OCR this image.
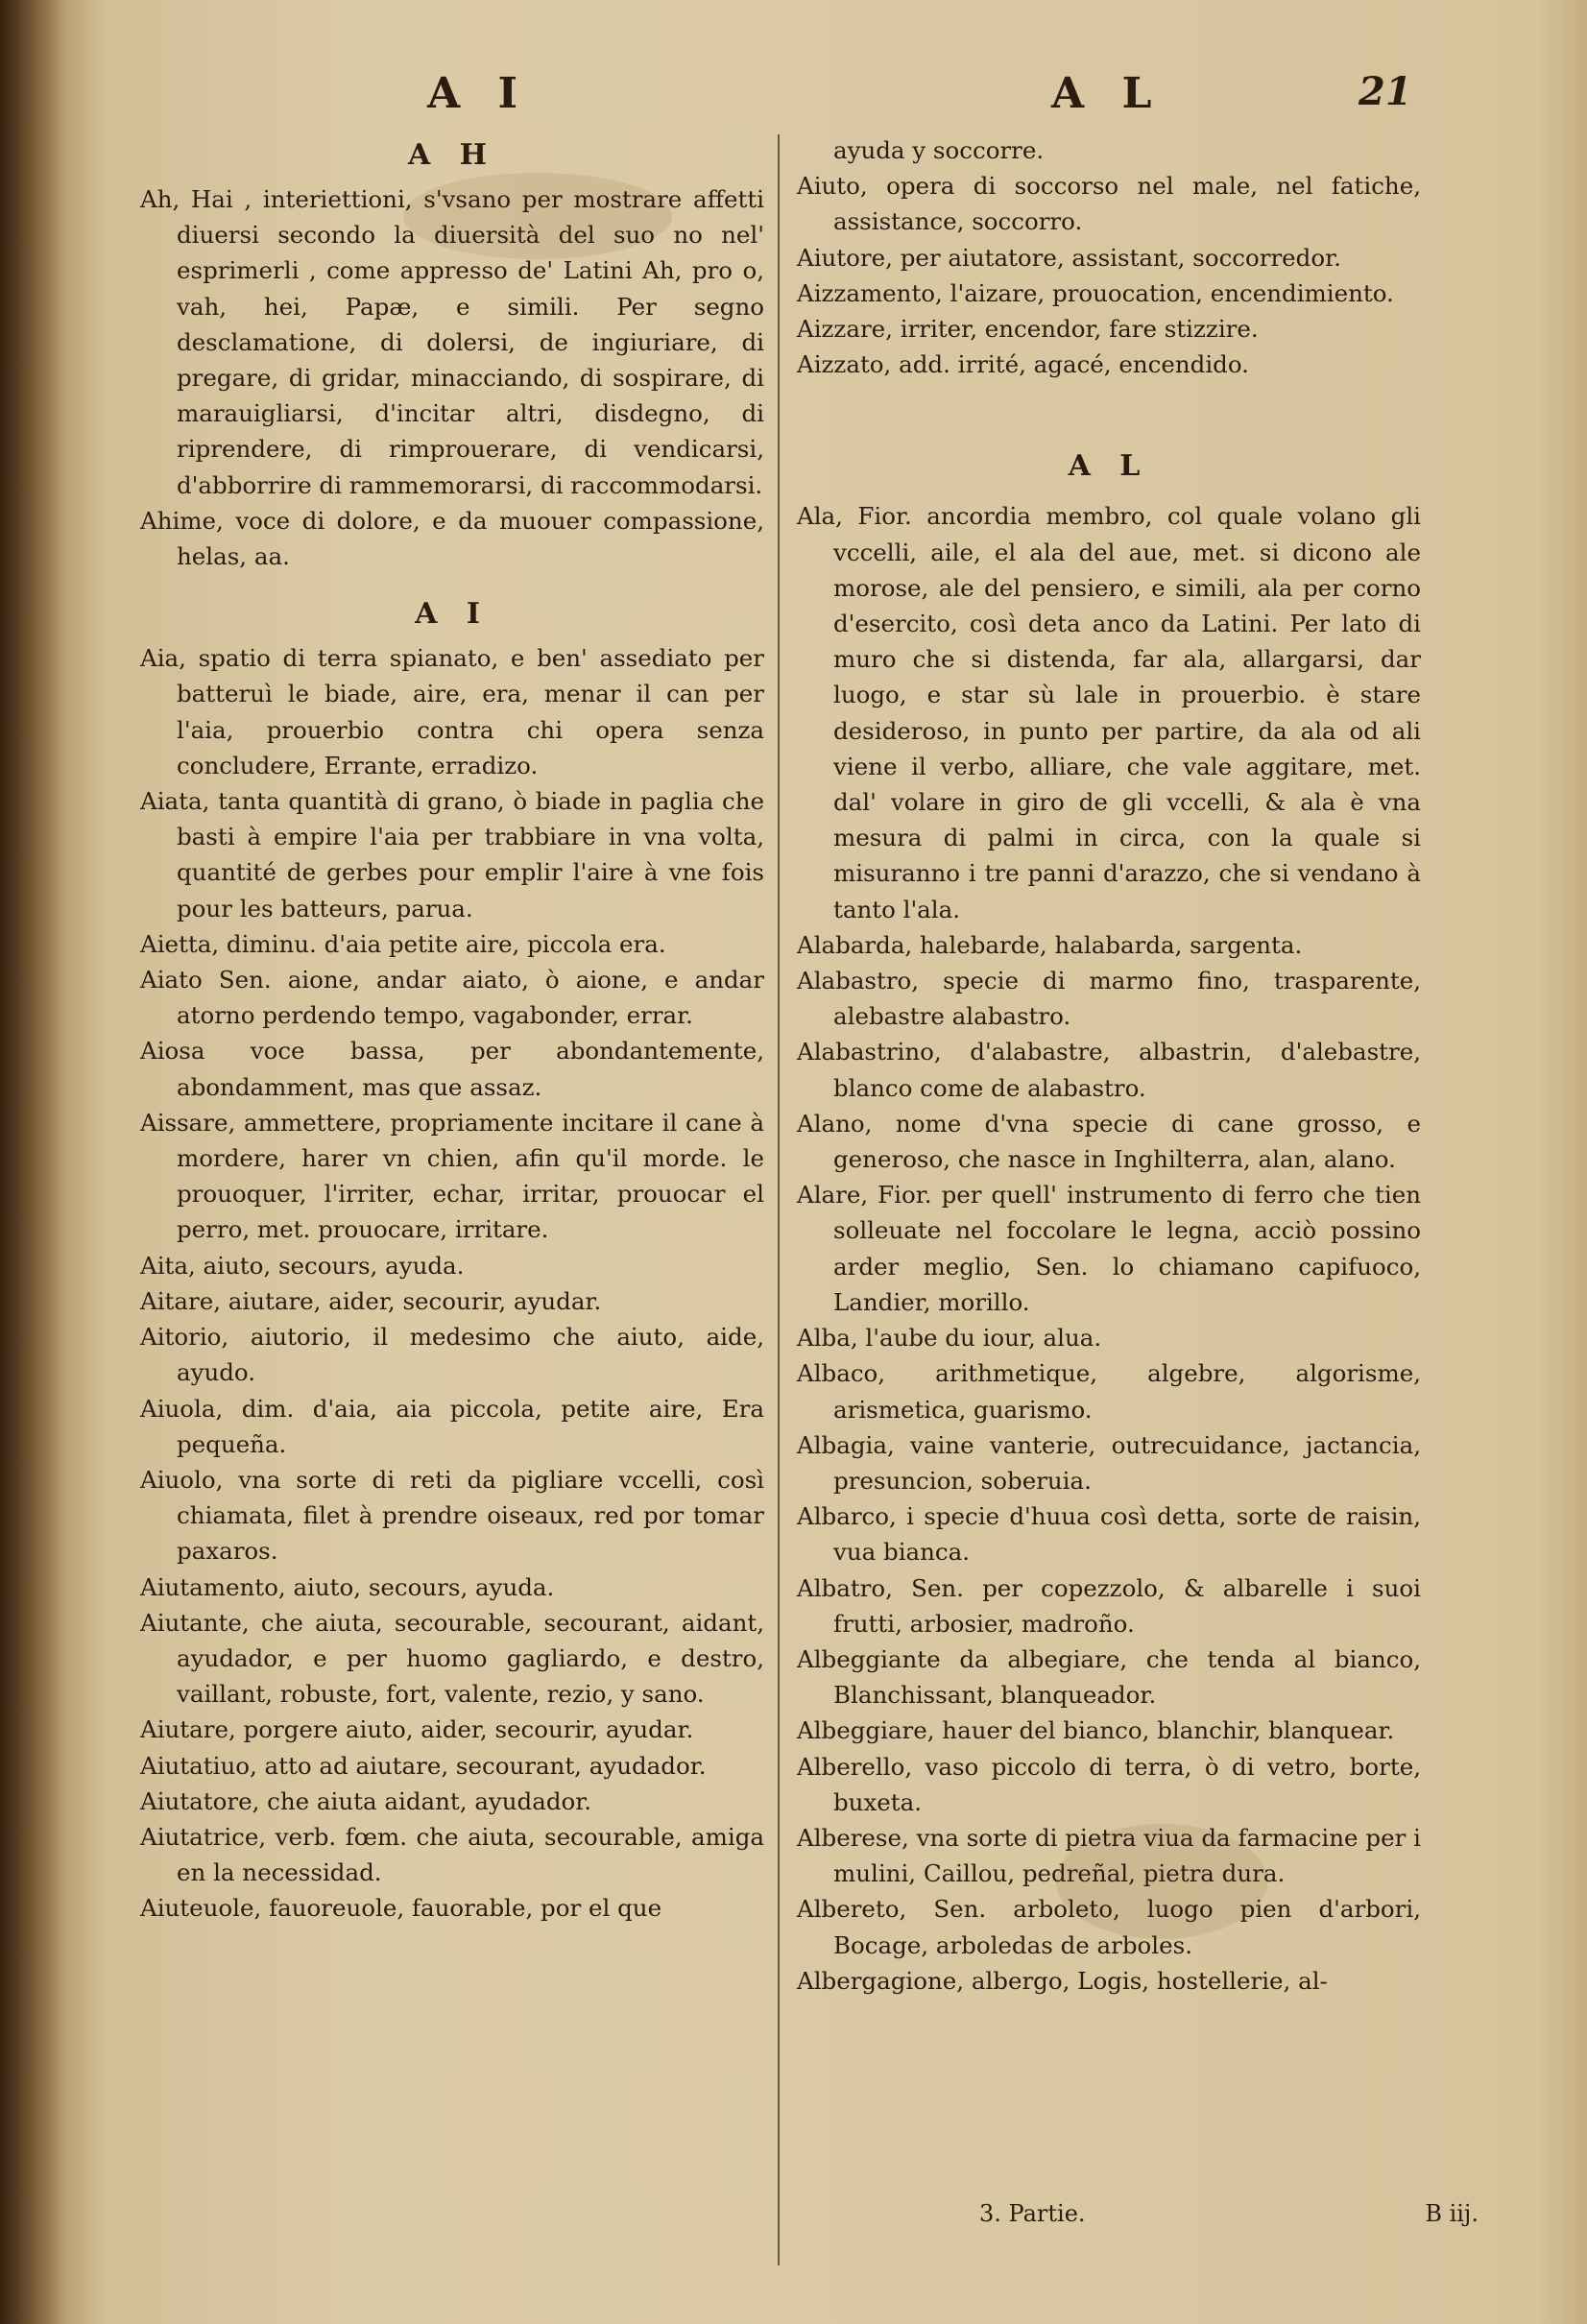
A I	A L	21
A H

Ah, Hai , interiettioni, s'vsano per mostrare affetti diuersi secondo la diuersità del suo no nel' esprimerli , come appresso de' Latini Ah, pro o, vah, hei, Papæ, e simili. Per segno desclamatione, di dolersi, de ingiuriare, di pregare, di gridar, minacciando, di sospirare, di marauigliarsi, d'incitar altri, disdegno, di riprendere, di rimprouerare, di vendicarsi, d'abborrire di rammemorarsi, di raccommodarsi.

Ahime, voce di dolore, e da muouer compassione, helas, aa.

A I

Aia, spatio di terra spianato, e ben' assediato per batteruì le biade, aire, era, menar il can per l'aia, prouerbio contra chi opera senza concludere, Errante, erradizo.

Aiata, tanta quantità di grano, ò biade in paglia che basti à empire l'aia per trabbiare in vna volta, quantité de gerbes pour emplir l'aire à vne fois pour les batteurs, parua.

Aietta, diminu. d'aia petite aire, piccola era.

Aiato Sen. aione, andar aiato, ò aione, e andar atorno perdendo tempo, vagabonder, errar.

Aiosa voce bassa, per abondantemente, abondamment, mas que assaz.

Aissare, ammettere, propriamente incitare il cane à mordere, harer vn chien, afin qu'il morde. le prouoquer, l'irriter, echar, irritar, prouocar el perro, met. prouocare, irritare.

Aita, aiuto, secours, ayuda.

Aitare, aiutare, aider, secourir, ayudar.

Aitorio, aiutorio, il medesimo che aiuto, aide, ayudo.

Aiuola, dim. d'aia, aia piccola, petite aire, Era pequeña.

Aiuolo, vna sorte di reti da pigliare vccelli, così chiamata, filet à prendre oiseaux, red por tomar paxaros.

Aiutamento, aiuto, secours, ayuda.

Aiutante, che aiuta, secourable, secourant, aidant, ayudador, e per huomo gagliardo, e destro, vaillant, robuste, fort, valente, rezio, y sano.

Aiutare, porgere aiuto, aider, secourir, ayudar.

Aiutatiuo, atto ad aiutare, secourant, ayudador.

Aiutatore, che aiuta aidant, ayudador.

Aiutatrice, verb. fœm. che aiuta, secourable, amiga en la necessidad.

Aiuteuole, fauoreuole, fauorable, por el que

ayuda y soccorre.

Aiuto, opera di soccorso nel male, nel fatiche, assistance, soccorro.

Aiutore, per aiutatore, assistant, soccorredor.

Aizzamento, l'aizare, prouocation, encendimiento.

Aizzare, irriter, encendor, fare stizzire.

Aizzato, add. irrité, agacé, encendido.

A L

Ala, Fior. ancordia membro, col quale volano gli vccelli, aile, el ala del aue, met. si dicono ale morose, ale del pensiero, e simili, ala per corno d'esercito, così deta anco da Latini. Per lato di muro che si distenda, far ala, allargarsi, dar luogo, e star sù lale in prouerbio. è stare desideroso, in punto per partire, da ala od ali viene il verbo, alliare, che vale aggitare, met. dal' volare in giro de gli vccelli, & ala è vna mesura di palmi in circa, con la quale si misuranno i tre panni d'arazzo, che si vendano à tanto l'ala.

Alabarda, halebarde, halabarda, sargenta.

Alabastro, specie di marmo fino, trasparente, alebastre alabastro.

Alabastrino, d'alabastre, albastrin, d'alebastre, blanco come de alabastro.

Alano, nome d'vna specie di cane grosso, e generoso, che nasce in Inghilterra, alan, alano.

Alare, Fior. per quell' instrumento di ferro che tien solleuate nel foccolare le legna, acciò possino arder meglio, Sen. lo chiamano capifuoco, Landier, morillo.

Alba, l'aube du iour, alua.

Albaco, arithmetique, algebre, algorisme, arismetica, guarismo.

Albagia, vaine vanterie, outrecuidance, jactancia, presuncion, soberuia.

Albarco, i specie d'huua così detta, sorte de raisin, vua bianca.

Albatro, Sen. per copezzolo, & albarelle i suoi frutti, arbosier, madroño.

Albeggiante da albegiare, che tenda al bianco, Blanchissant, blanqueador.

Albeggiare, hauer del bianco, blanchir, blanquear.

Alberello, vaso piccolo di terra, ò di vetro, borte, buxeta.

Alberese, vna sorte di pietra viua da farmacine per i mulini, Caillou, pedreñal, pietra dura.

Albereto, Sen. arboleto, luogo pien d'arbori, Bocage, arboledas de arboles.

Albergagione, albergo, Logis, hostellerie, al-

3. Partie.	B iij.
